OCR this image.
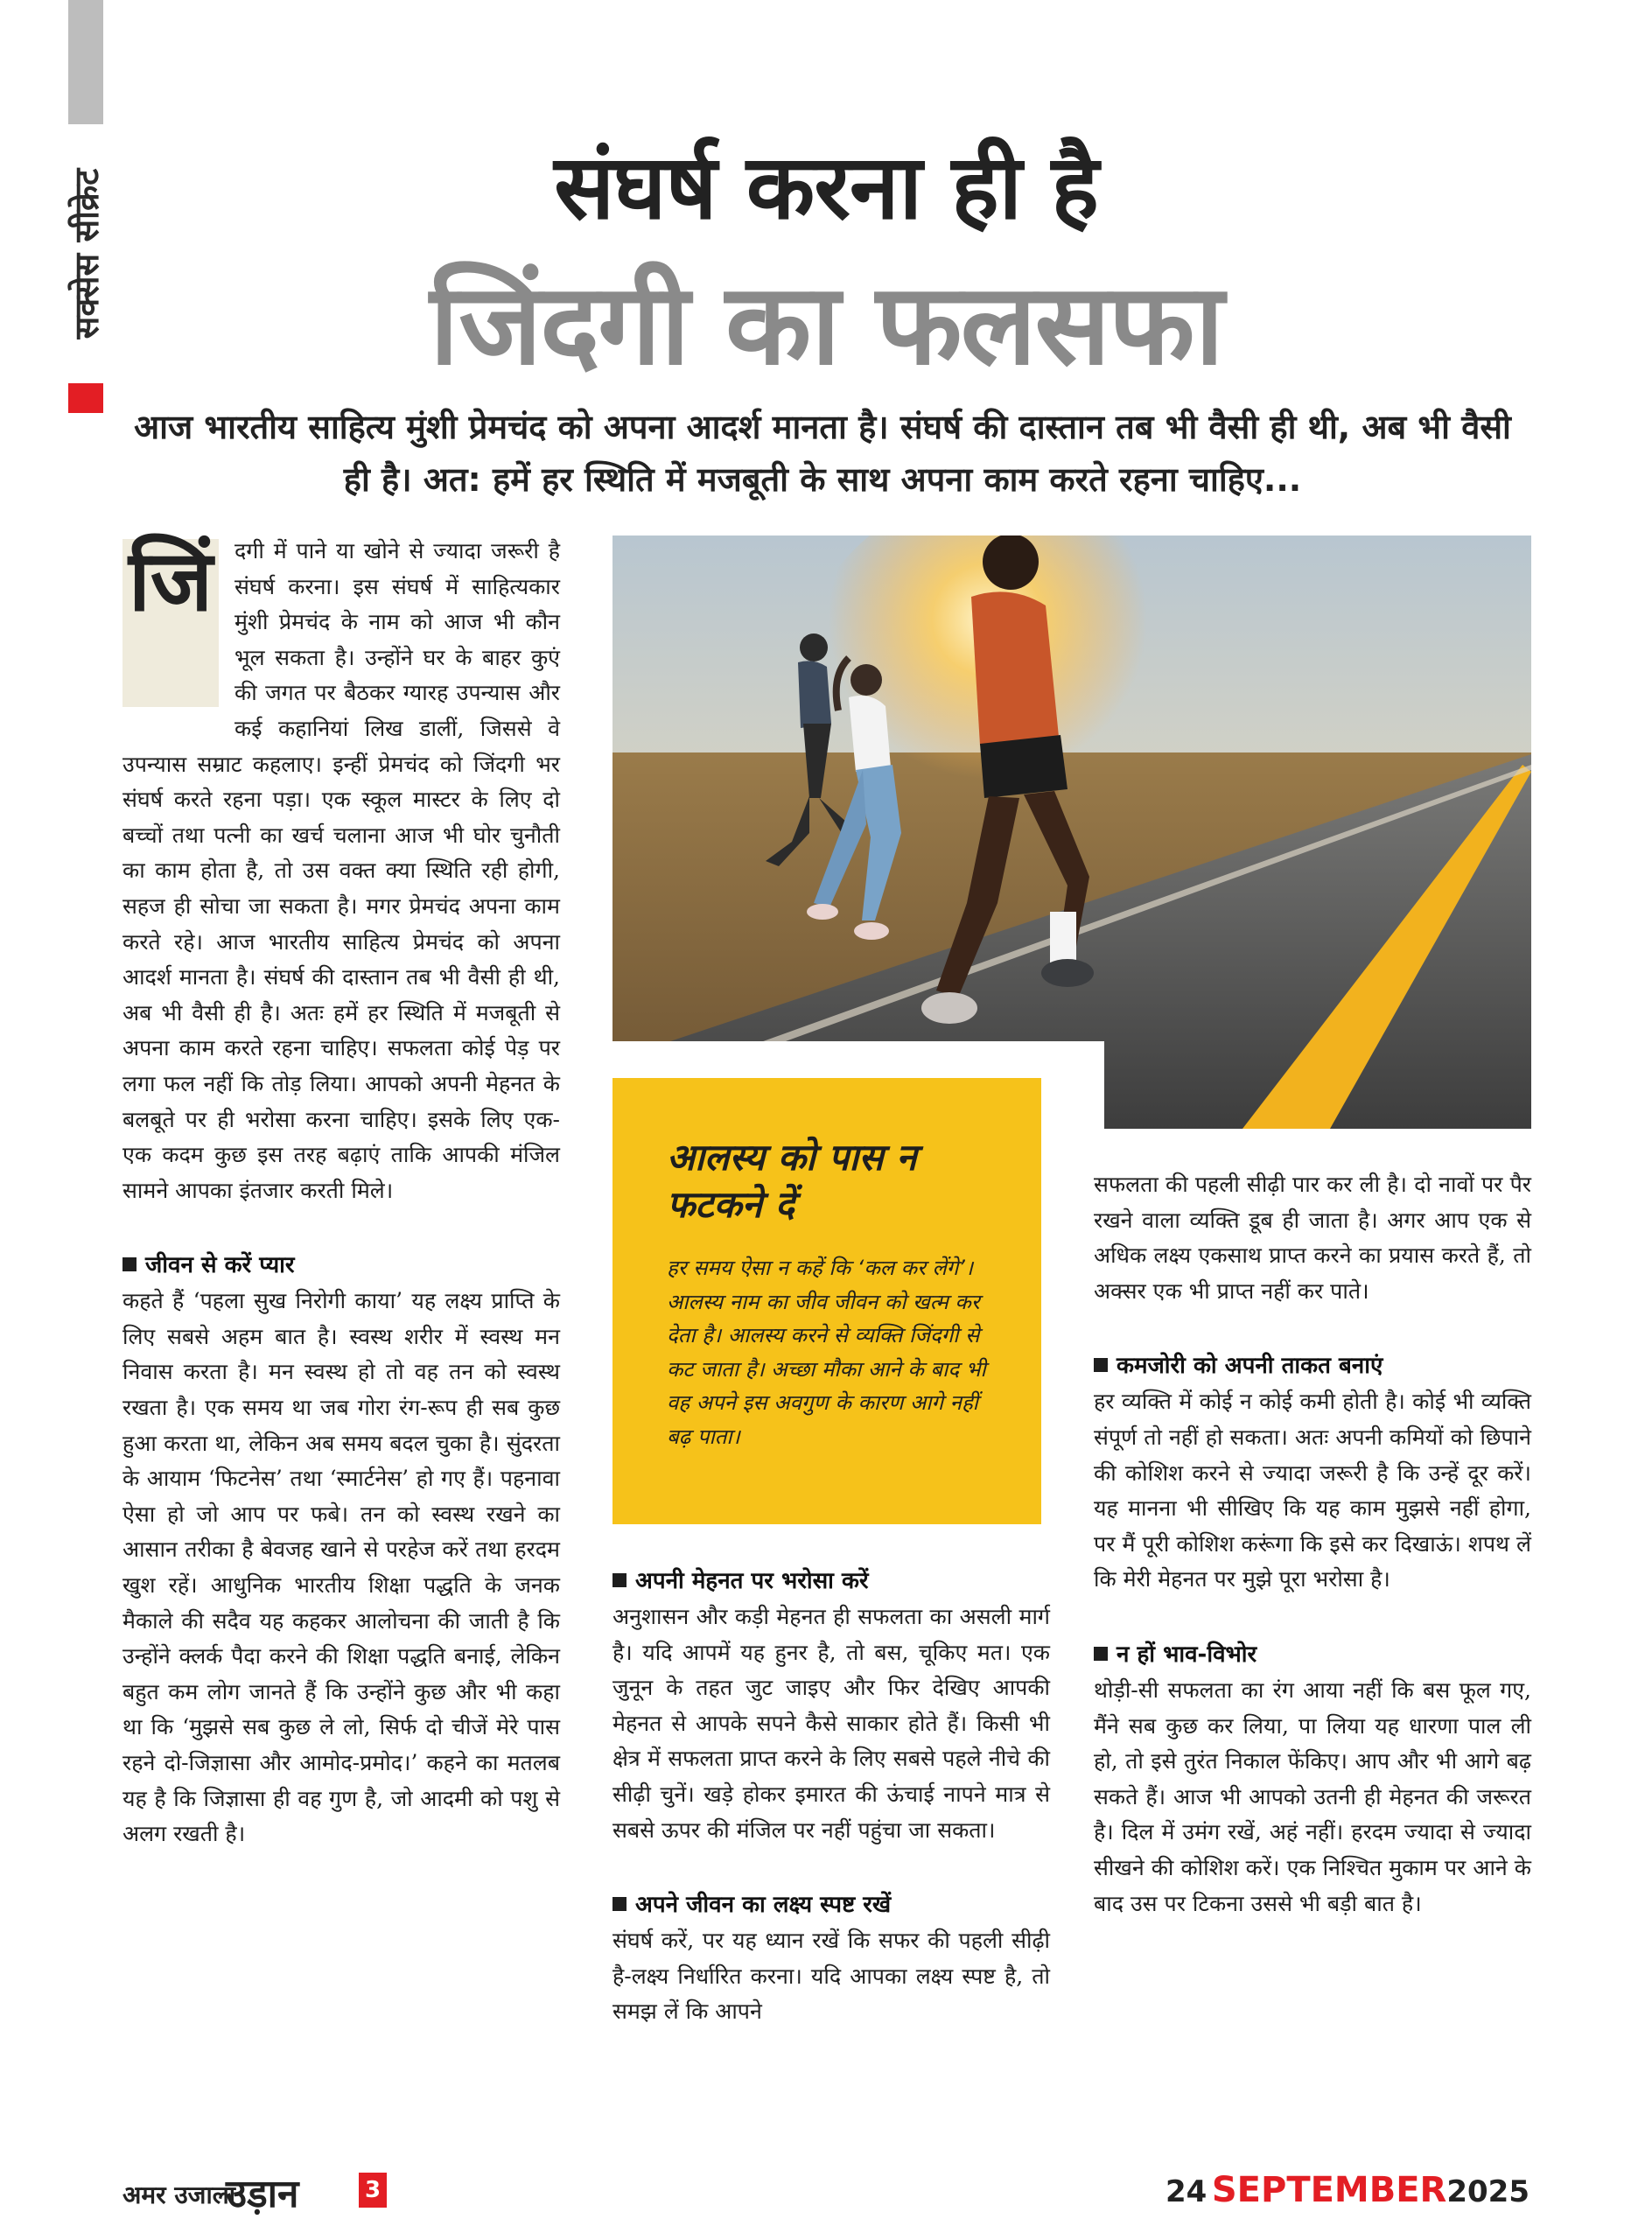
सक्सेस सीक्रेट	संघर्ष करना ही है
जिंदगी का फलसफा

आज भारतीय साहित्य मुंशी प्रेमचंद को अपना आदर्श मानता है। संघर्ष की दास्तान तब भी वैसी ही थी, अब भी वैसी ही है। अत: हमें हर स्थिति में मजबूती के साथ अपना काम करते रहना चाहिए...

जिं दगी में पाने या खोने से ज्यादा जरूरी है संघर्ष करना। इस संघर्ष में साहित्यकार मुंशी प्रेमचंद के नाम को आज भी कौन भूल सकता है। उन्होंने घर के बाहर कुएं की जगत पर बैठकर ग्यारह उपन्यास और कई कहानियां लिख डालीं, जिससे वे उपन्यास सम्राट कहलाए। इन्हीं प्रेमचंद को जिंदगी भर संघर्ष करते रहना पड़ा। एक स्कूल मास्टर के लिए दो बच्चों तथा पत्नी का खर्च चलाना आज भी घोर चुनौती का काम होता है, तो उस वक्त क्या स्थिति रही होगी, सहज ही सोचा जा सकता है। मगर प्रेमचंद अपना काम करते रहे। आज भारतीय साहित्य प्रेमचंद को अपना आदर्श मानता है। संघर्ष की दास्तान तब भी वैसी ही थी, अब भी वैसी ही है। अतः हमें हर स्थिति में मजबूती से अपना काम करते रहना चाहिए। सफलता कोई पेड़ पर लगा फल नहीं कि तोड़ लिया। आपको अपनी मेहनत के बलबूते पर ही भरोसा करना चाहिए। इसके लिए एक-एक कदम कुछ इस तरह बढ़ाएं ताकि आपकी मंजिल सामने आपका इंतजार करती मिले।

जीवन से करें प्यार

कहते हैं ‘पहला सुख निरोगी काया’ यह लक्ष्य प्राप्ति के लिए सबसे अहम बात है। स्वस्थ शरीर में स्वस्थ मन निवास करता है। मन स्वस्थ हो तो वह तन को स्वस्थ रखता है। एक समय था जब गोरा रंग-रूप ही सब कुछ हुआ करता था, लेकिन अब समय बदल चुका है। सुंदरता के आयाम ‘फिटनेस’ तथा ‘स्मार्टनेस’ हो गए हैं। पहनावा ऐसा हो जो आप पर फबे। तन को स्वस्थ रखने का आसान तरीका है बेवजह खाने से परहेज करें तथा हरदम खुश रहें। आधुनिक भारतीय शिक्षा पद्धति के जनक मैकाले की सदैव यह कहकर आलोचना की जाती है कि उन्होंने क्लर्क पैदा करने की शिक्षा पद्धति बनाई, लेकिन बहुत कम लोग जानते हैं कि उन्होंने कुछ और भी कहा था कि ‘मुझसे सब कुछ ले लो, सिर्फ दो चीजें मेरे पास रहने दो-जिज्ञासा और आमोद-प्रमोद।’ कहने का मतलब यह है कि जिज्ञासा ही वह गुण है, जो आदमी को पशु से अलग रखती है।

आलस्य को पास न फटकने दें

हर समय ऐसा न कहें कि ‘कल कर लेंगे’। आलस्य नाम का जीव जीवन को खत्म कर देता है। आलस्य करने से व्यक्ति जिंदगी से कट जाता है। अच्छा मौका आने के बाद भी वह अपने इस अवगुण के कारण आगे नहीं बढ़ पाता।

अपनी मेहनत पर भरोसा करें

अनुशासन और कड़ी मेहनत ही सफलता का असली मार्ग है। यदि आपमें यह हुनर है, तो बस, चूकिए मत। एक जुनून के तहत जुट जाइए और फिर देखिए आपकी मेहनत से आपके सपने कैसे साकार होते हैं। किसी भी क्षेत्र में सफलता प्राप्त करने के लिए सबसे पहले नीचे की सीढ़ी चुनें। खड़े होकर इमारत की ऊंचाई नापने मात्र से सबसे ऊपर की मंजिल पर नहीं पहुंचा जा सकता।

अपने जीवन का लक्ष्य स्पष्ट रखें

संघर्ष करें, पर यह ध्यान रखें कि सफर की पहली सीढ़ी है-लक्ष्य निर्धारित करना। यदि आपका लक्ष्य स्पष्ट है, तो समझ लें कि आपने

सफलता की पहली सीढ़ी पार कर ली है। दो नावों पर पैर रखने वाला व्यक्ति डूब ही जाता है। अगर आप एक से अधिक लक्ष्य एकसाथ प्राप्त करने का प्रयास करते हैं, तो अक्सर एक भी प्राप्त नहीं कर पाते।

कमजोरी को अपनी ताकत बनाएं

हर व्यक्ति में कोई न कोई कमी होती है। कोई भी व्यक्ति संपूर्ण तो नहीं हो सकता। अतः अपनी कमियों को छिपाने की कोशिश करने से ज्यादा जरूरी है कि उन्हें दूर करें। यह मानना भी सीखिए कि यह काम मुझसे नहीं होगा, पर मैं पूरी कोशिश करूंगा कि इसे कर दिखाऊं। शपथ लें कि मेरी मेहनत पर मुझे पूरा भरोसा है।

न हों भाव-विभोर

थोड़ी-सी सफलता का रंग आया नहीं कि बस फूल गए, मैंने सब कुछ कर लिया, पा लिया यह धारणा पाल ली हो, तो इसे तुरंत निकाल फेंकिए। आप और भी आगे बढ़ सकते हैं। आज भी आपको उतनी ही मेहनत की जरूरत है। दिल में उमंग रखें, अहं नहीं। हरदम ज्यादा से ज्यादा सीखने की कोशिश करें। एक निश्चित मुकाम पर आने के बाद उस पर टिकना उससे भी बड़ी बात है।

अमर उजाला
उड़ान	3	24 SEPTEMBER2025
